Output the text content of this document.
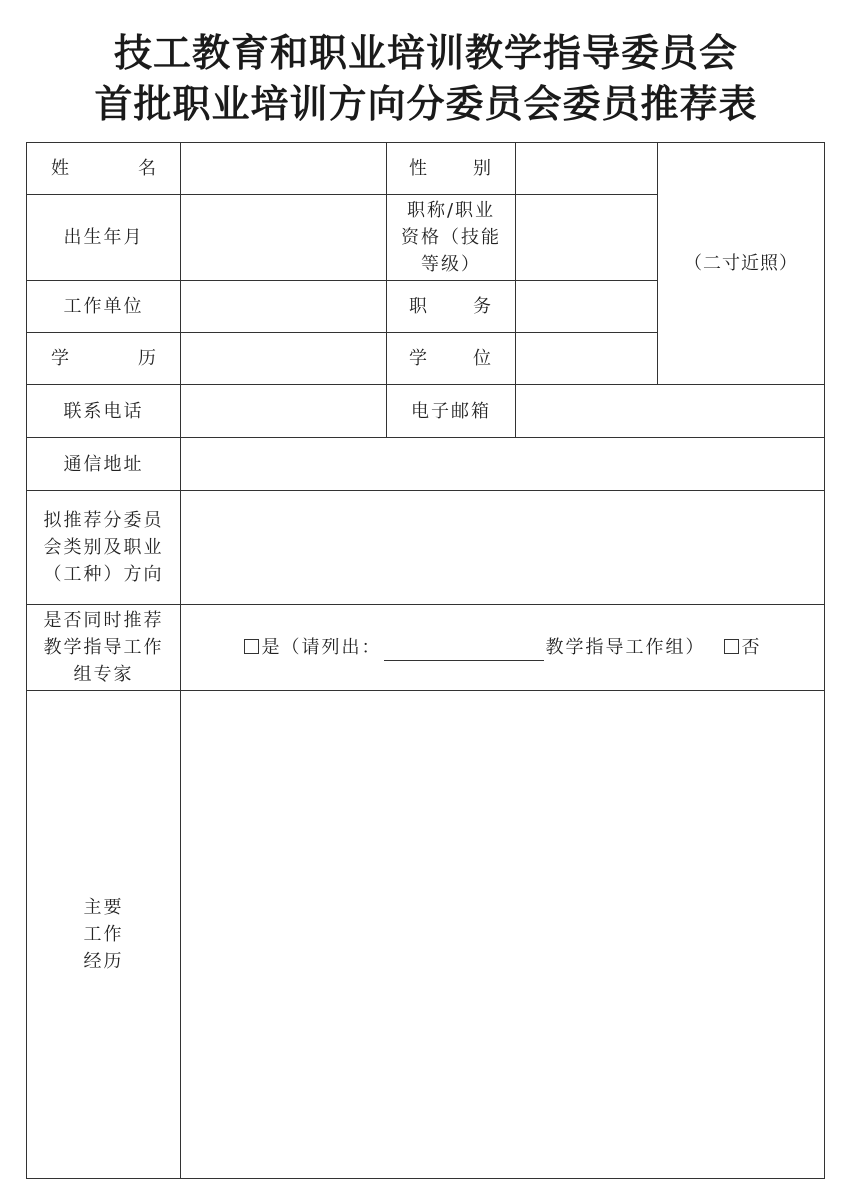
技工教育和职业培训教学指导委员会
首批职业培训方向分委员会委员推荐表
姓 名		性 别		（二寸近照）
出生年月		职称/职业资格（技能等级）		
工作单位		职 务		

学 历		学 位		

联系电话		电子邮箱		
通信地址				
拟推荐分委员会类别及职业（工种）方向				
是否同时推荐教学指导工作组专家	是（请列出： 教学指导工作组） 否			

主要
工作
经历				
